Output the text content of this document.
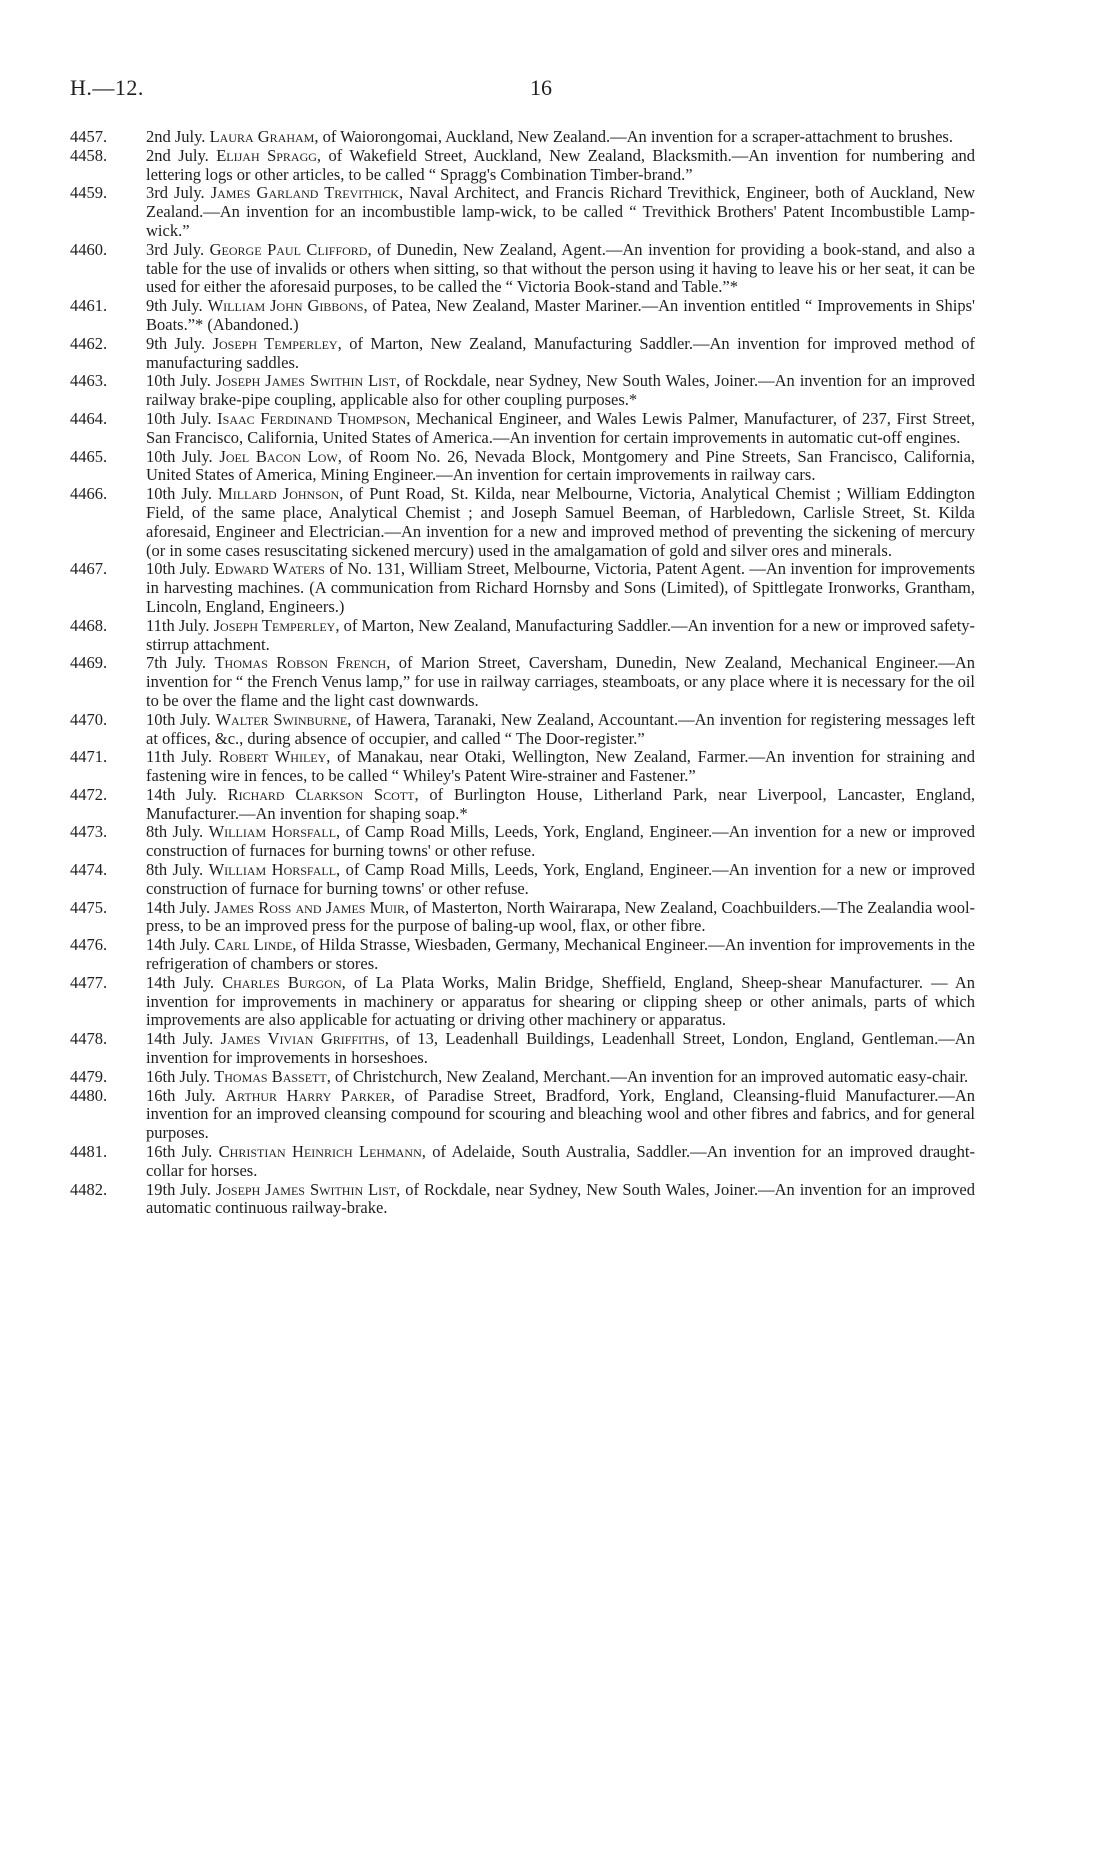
H.—12.	16

4457. 2nd July. Laura Graham, of Waiorongomai, Auckland, New Zealand.—An invention for a scraper-attachment to brushes.

4458. 2nd July. Elijah Spragg, of Wakefield Street, Auckland, New Zealand, Blacksmith.—An invention for numbering and lettering logs or other articles, to be called “ Spragg's Combination Timber-brand.”

4459. 3rd July. James Garland Trevithick, Naval Architect, and Francis Richard Trevithick, Engineer, both of Auckland, New Zealand.—An invention for an incombustible lamp-wick, to be called “ Trevithick Brothers' Patent Incombustible Lamp-wick.”

4460. 3rd July. George Paul Clifford, of Dunedin, New Zealand, Agent.—An invention for providing a book-stand, and also a table for the use of invalids or others when sitting, so that without the person using it having to leave his or her seat, it can be used for either the aforesaid purposes, to be called the “ Victoria Book-stand and Table.”*

4461. 9th July. William John Gibbons, of Patea, New Zealand, Master Mariner.—An invention entitled “ Improvements in Ships' Boats.”* (Abandoned.)

4462. 9th July. Joseph Temperley, of Marton, New Zealand, Manufacturing Saddler.—An invention for improved method of manufacturing saddles.

4463. 10th July. Joseph James Swithin List, of Rockdale, near Sydney, New South Wales, Joiner.—An invention for an improved railway brake-pipe coupling, applicable also for other coupling purposes.*

4464. 10th July. Isaac Ferdinand Thompson, Mechanical Engineer, and Wales Lewis Palmer, Manufacturer, of 237, First Street, San Francisco, California, United States of America.—An invention for certain improvements in automatic cut-off engines.

4465. 10th July. Joel Bacon Low, of Room No. 26, Nevada Block, Montgomery and Pine Streets, San Francisco, California, United States of America, Mining Engineer.—An invention for certain improvements in railway cars.

4466. 10th July. Millard Johnson, of Punt Road, St. Kilda, near Melbourne, Victoria, Analytical Chemist ; William Eddington Field, of the same place, Analytical Chemist ; and Joseph Samuel Beeman, of Harbledown, Carlisle Street, St. Kilda aforesaid, Engineer and Electrician.—An invention for a new and improved method of preventing the sickening of mercury (or in some cases resuscitating sickened mercury) used in the amalgamation of gold and silver ores and minerals.

4467. 10th July. Edward Waters of No. 131, William Street, Melbourne, Victoria, Patent Agent. —An invention for improvements in harvesting machines. (A communication from Richard Hornsby and Sons (Limited), of Spittlegate Ironworks, Grantham, Lincoln, England, Engineers.)

4468. 11th July. Joseph Temperley, of Marton, New Zealand, Manufacturing Saddler.—An invention for a new or improved safety-stirrup attachment.

4469. 7th July. Thomas Robson French, of Marion Street, Caversham, Dunedin, New Zealand, Mechanical Engineer.—An invention for “ the French Venus lamp,” for use in railway carriages, steamboats, or any place where it is necessary for the oil to be over the flame and the light cast downwards.

4470. 10th July. Walter Swinburne, of Hawera, Taranaki, New Zealand, Accountant.—An invention for registering messages left at offices, &c., during absence of occupier, and called “ The Door-register.”

4471. 11th July. Robert Whiley, of Manakau, near Otaki, Wellington, New Zealand, Farmer.—An invention for straining and fastening wire in fences, to be called “ Whiley's Patent Wire-strainer and Fastener.”

4472. 14th July. Richard Clarkson Scott, of Burlington House, Litherland Park, near Liverpool, Lancaster, England, Manufacturer.—An invention for shaping soap.*

4473. 8th July. William Horsfall, of Camp Road Mills, Leeds, York, England, Engineer.—An invention for a new or improved construction of furnaces for burning towns' or other refuse.

4474. 8th July. William Horsfall, of Camp Road Mills, Leeds, York, England, Engineer.—An invention for a new or improved construction of furnace for burning towns' or other refuse.

4475. 14th July. James Ross and James Muir, of Masterton, North Wairarapa, New Zealand, Coachbuilders.—The Zealandia wool-press, to be an improved press for the purpose of baling-up wool, flax, or other fibre.

4476. 14th July. Carl Linde, of Hilda Strasse, Wiesbaden, Germany, Mechanical Engineer.—An invention for improvements in the refrigeration of chambers or stores.

4477. 14th July. Charles Burgon, of La Plata Works, Malin Bridge, Sheffield, England, Sheep-shear Manufacturer. — An invention for improvements in machinery or apparatus for shearing or clipping sheep or other animals, parts of which improvements are also applicable for actuating or driving other machinery or apparatus.

4478. 14th July. James Vivian Griffiths, of 13, Leadenhall Buildings, Leadenhall Street, London, England, Gentleman.—An invention for improvements in horseshoes.

4479. 16th July. Thomas Bassett, of Christchurch, New Zealand, Merchant.—An invention for an improved automatic easy-chair.

4480. 16th July. Arthur Harry Parker, of Paradise Street, Bradford, York, England, Cleansing-fluid Manufacturer.—An invention for an improved cleansing compound for scouring and bleaching wool and other fibres and fabrics, and for general purposes.

4481. 16th July. Christian Heinrich Lehmann, of Adelaide, South Australia, Saddler.—An invention for an improved draught-collar for horses.

4482. 19th July. Joseph James Swithin List, of Rockdale, near Sydney, New South Wales, Joiner.—An invention for an improved automatic continuous railway-brake.
